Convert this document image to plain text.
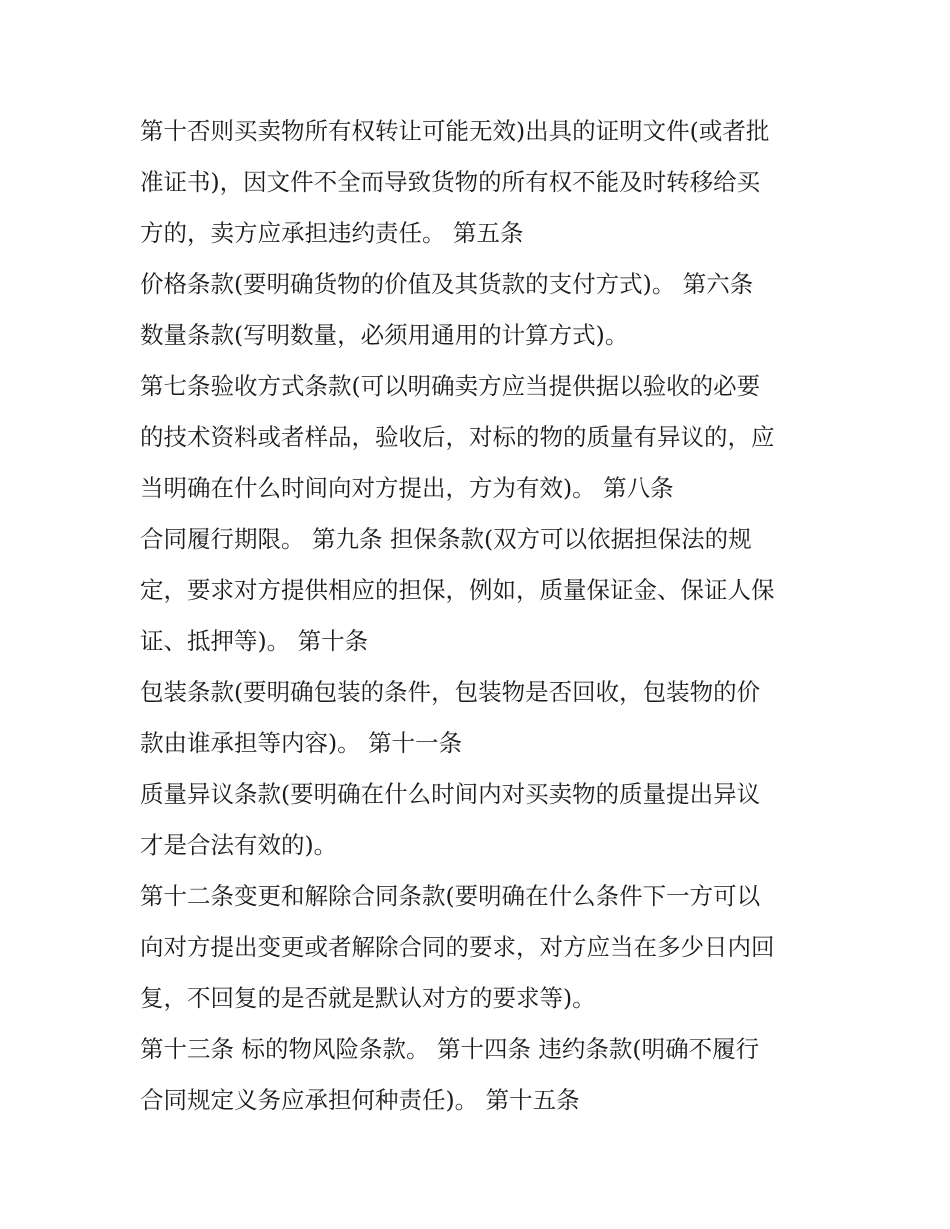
第十否则买卖物所有权转让可能无效)出具的证明文件(或者批
准证书)，因文件不全而导致货物的所有权不能及时转移给买
方的，卖方应承担违约责任。 第五条
价格条款(要明确货物的价值及其货款的支付方式)。 第六条
数量条款(写明数量，必须用通用的计算方式)。
第七条验收方式条款(可以明确卖方应当提供据以验收的必要
的技术资料或者样品，验收后，对标的物的质量有异议的，应
当明确在什么时间向对方提出，方为有效)。 第八条
合同履行期限。 第九条 担保条款(双方可以依据担保法的规
定，要求对方提供相应的担保，例如，质量保证金、保证人保
证、抵押等)。 第十条
包装条款(要明确包装的条件，包装物是否回收，包装物的价
款由谁承担等内容)。 第十一条
质量异议条款(要明确在什么时间内对买卖物的质量提出异议
才是合法有效的)。
第十二条变更和解除合同条款(要明确在什么条件下一方可以
向对方提出变更或者解除合同的要求，对方应当在多少日内回
复，不回复的是否就是默认对方的要求等)。
第十三条 标的物风险条款。 第十四条 违约条款(明确不履行
合同规定义务应承担何种责任)。 第十五条
